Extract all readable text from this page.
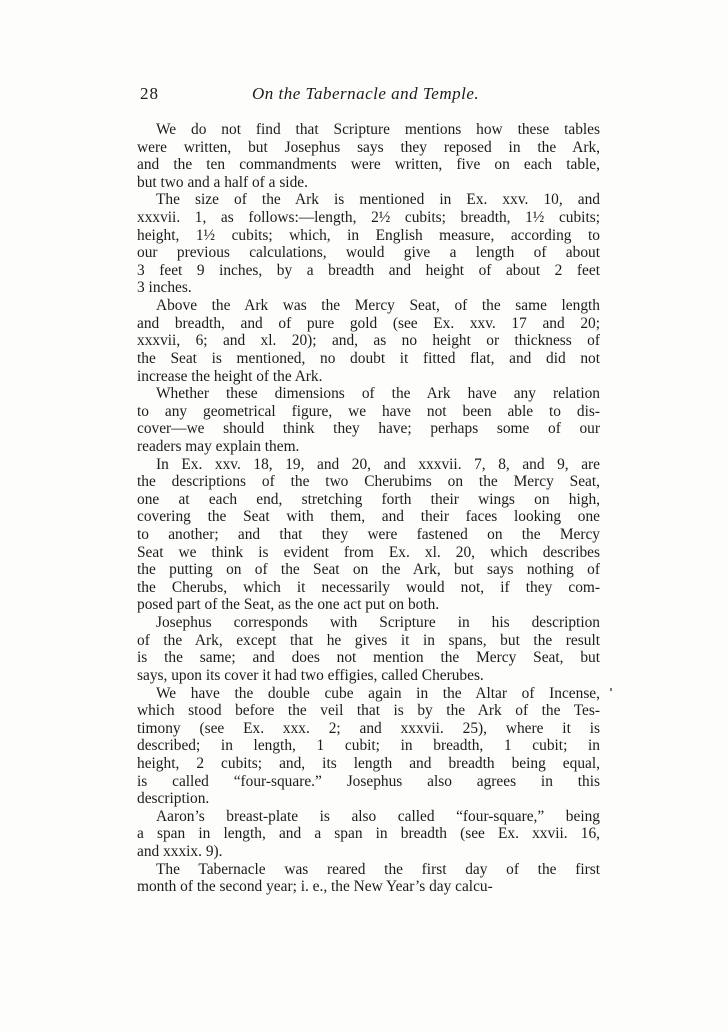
28	On the Tabernacle and Temple.
We do not find that Scripture mentions how these tables
were written, but Josephus says they reposed in the Ark,
and the ten commandments were written, five on each table,
but two and a half of a side.
The size of the Ark is mentioned in Ex. xxv. 10, and
xxxvii. 1, as follows:—length, 2½ cubits; breadth, 1½ cubits;
height, 1½ cubits; which, in English measure, according to
our previous calculations, would give a length of about
3 feet 9 inches, by a breadth and height of about 2 feet
3 inches.
Above the Ark was the Mercy Seat, of the same length
and breadth, and of pure gold (see Ex. xxv. 17 and 20;
xxxvii, 6; and xl. 20); and, as no height or thickness of
the Seat is mentioned, no doubt it fitted flat, and did not
increase the height of the Ark.
Whether these dimensions of the Ark have any relation
to any geometrical figure, we have not been able to dis-
cover—we should think they have; perhaps some of our
readers may explain them.
In Ex. xxv. 18, 19, and 20, and xxxvii. 7, 8, and 9, are
the descriptions of the two Cherubims on the Mercy Seat,
one at each end, stretching forth their wings on high,
covering the Seat with them, and their faces looking one
to another; and that they were fastened on the Mercy
Seat we think is evident from Ex. xl. 20, which describes
the putting on of the Seat on the Ark, but says nothing of
the Cherubs, which it necessarily would not, if they com-
posed part of the Seat, as the one act put on both.
Josephus corresponds with Scripture in his description
of the Ark, except that he gives it in spans, but the result
is the same; and does not mention the Mercy Seat, but
says, upon its cover it had two effigies, called Cherubes.
We have the double cube again in the Altar of Incense,
which stood before the veil that is by the Ark of the Tes-
timony (see Ex. xxx. 2; and xxxvii. 25), where it is
described; in length, 1 cubit; in breadth, 1 cubit; in
height, 2 cubits; and, its length and breadth being equal,
is called “four-square.” Josephus also agrees in this
description.
Aaron’s breast-plate is also called “four-square,” being
a span in length, and a span in breadth (see Ex. xxvii. 16,
and xxxix. 9).
The Tabernacle was reared the first day of the first
month of the second year; i. e., the New Year’s day calcu-
